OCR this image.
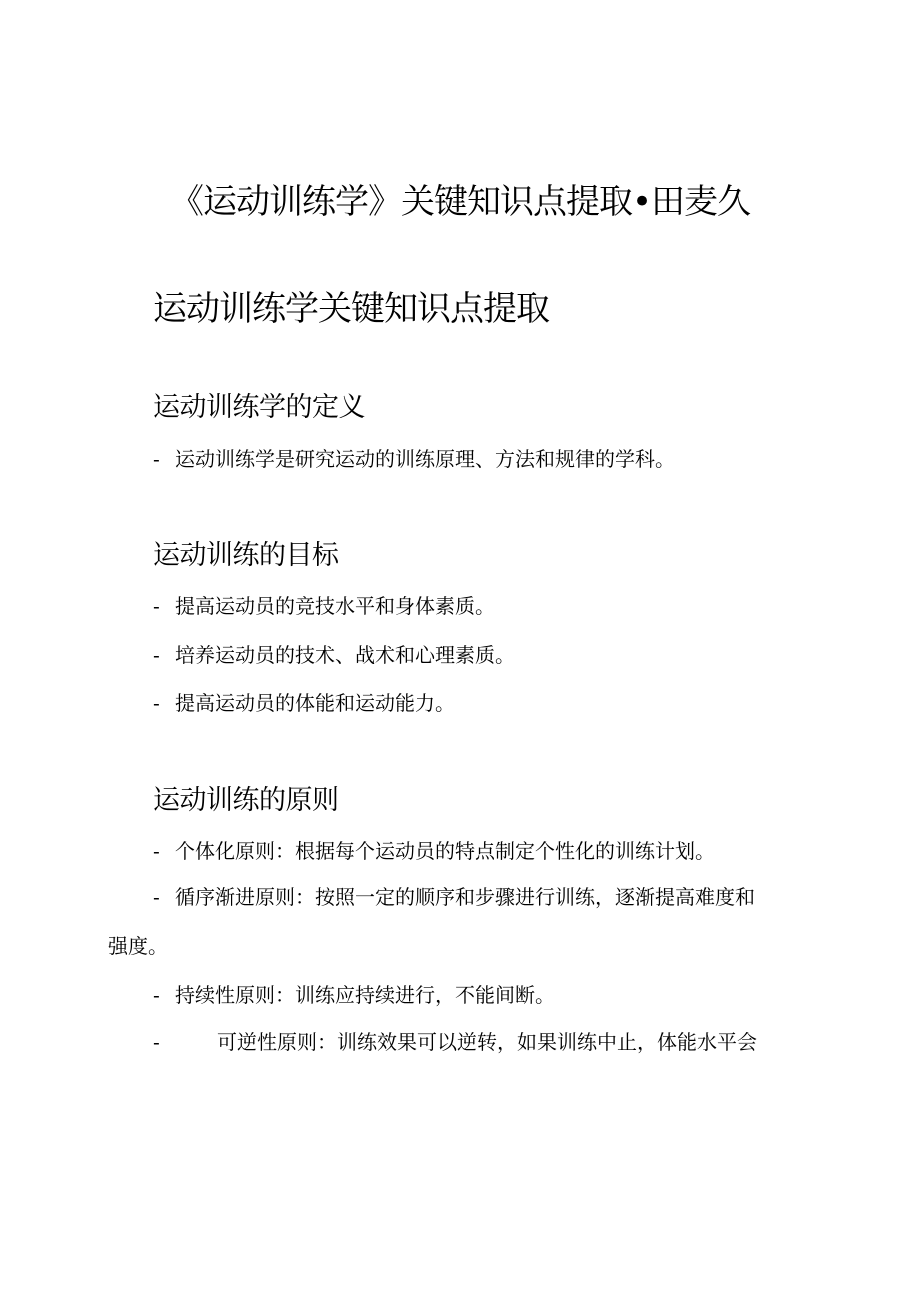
《运动训练学》关键知识点提取•田麦久
运动训练学关键知识点提取
运动训练学的定义
- 运动训练学是研究运动的训练原理、方法和规律的学科。
运动训练的目标
- 提高运动员的竞技水平和身体素质。
- 培养运动员的技术、战术和心理素质。
- 提高运动员的体能和运动能力。
运动训练的原则
- 个体化原则：根据每个运动员的特点制定个性化的训练计划。
- 循序渐进原则：按照一定的顺序和步骤进行训练，逐渐提高难度和
强度。
- 持续性原则：训练应持续进行，不能间断。
-	可逆性原则：训练效果可以逆转，如果训练中止，体能水平会
